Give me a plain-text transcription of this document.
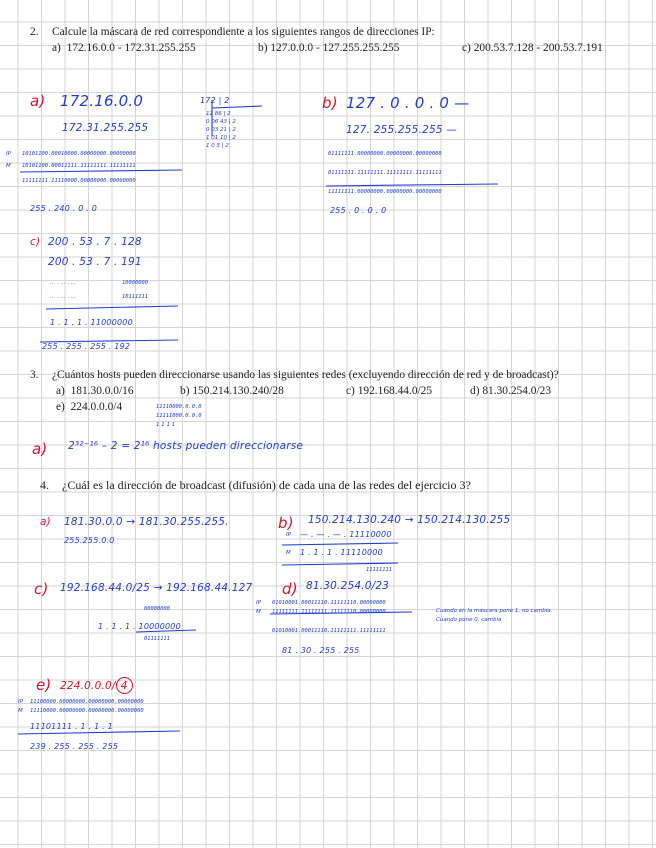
2. Calcule la máscara de red correspondiente a los siguientes rangos de direcciones IP:
a) 172.16.0.0 - 172.31.255.255	b) 127.0.0.0 - 127.255.255.255	c) 200.53.7.128 - 200.53.7.191
a) 172.16.0.0
172.31.255.255
IP
M
10101100.00010000.00000000.00000000
10101100.00011111.11111111.11111111
11111111.11110000.00000000.00000000
255 . 240 . 0 . 0
172 | 2
12 86 | 2
0 06 43 | 2
0 03 21 | 2
1 01 10 | 2
1 0 5 | 2
b) 127 . 0 . 0 . 0 —
127. 255.255.255 —
01111111.00000000.00000000.00000000
01111111.11111111.11111111.11111111
11111111.00000000.00000000.00000000
255 . 0 . 0 . 0
c) 200 . 53 . 7 . 128
200 . 53 . 7 . 191
... . ... . ...	10000000
... . ... . ...	10111111
1 . 1 . 1 . 11000000
255 . 255 . 255 . 192
3. ¿Cuántos hosts pueden direccionarse usando las siguientes redes (excluyendo dirección de red y de broadcast)?
a) 181.30.0.0/16	b) 150.214.130.240/28	c) 192.168.44.0/25	d) 81.30.254.0/23
e) 224.0.0.0/4	11110000.0.0.0
11111000.0.0.0
1 1 1 1
a) 2³²⁻¹⁶ – 2 = 2¹⁶ hosts pueden direccionarse
4. ¿Cuál es la dirección de broadcast (difusión) de cada una de las redes del ejercicio 3?
a) 181.30.0.0 → 181.30.255.255.
255.255.0.0
b) 150.214.130.240 → 150.214.130.255
IP — . — . — . 11110000
M 1 . 1 . 1 . 11110000
11111111
c) 192.168.44.0/25 → 192.168.44.127
00000000
1 . 1 . 1 . 10000000
01111111
d) 81.30.254.0/23
IP 01010001.00011110.11111110.00000000
M 11111111.11111111.11111110.00000000
01010001.00011110.11111111.11111111
81 . 30 . 255 . 255
Cuando en la máscara pone 1, no cambia.
Cuando pone 0, cambia
e) 224.0.0.0/ 4
IP 11100000.00000000.00000000.00000000
M 11110000.00000000.00000000.00000000
11101111 . 1 . 1 . 1
239 . 255 . 255 . 255
